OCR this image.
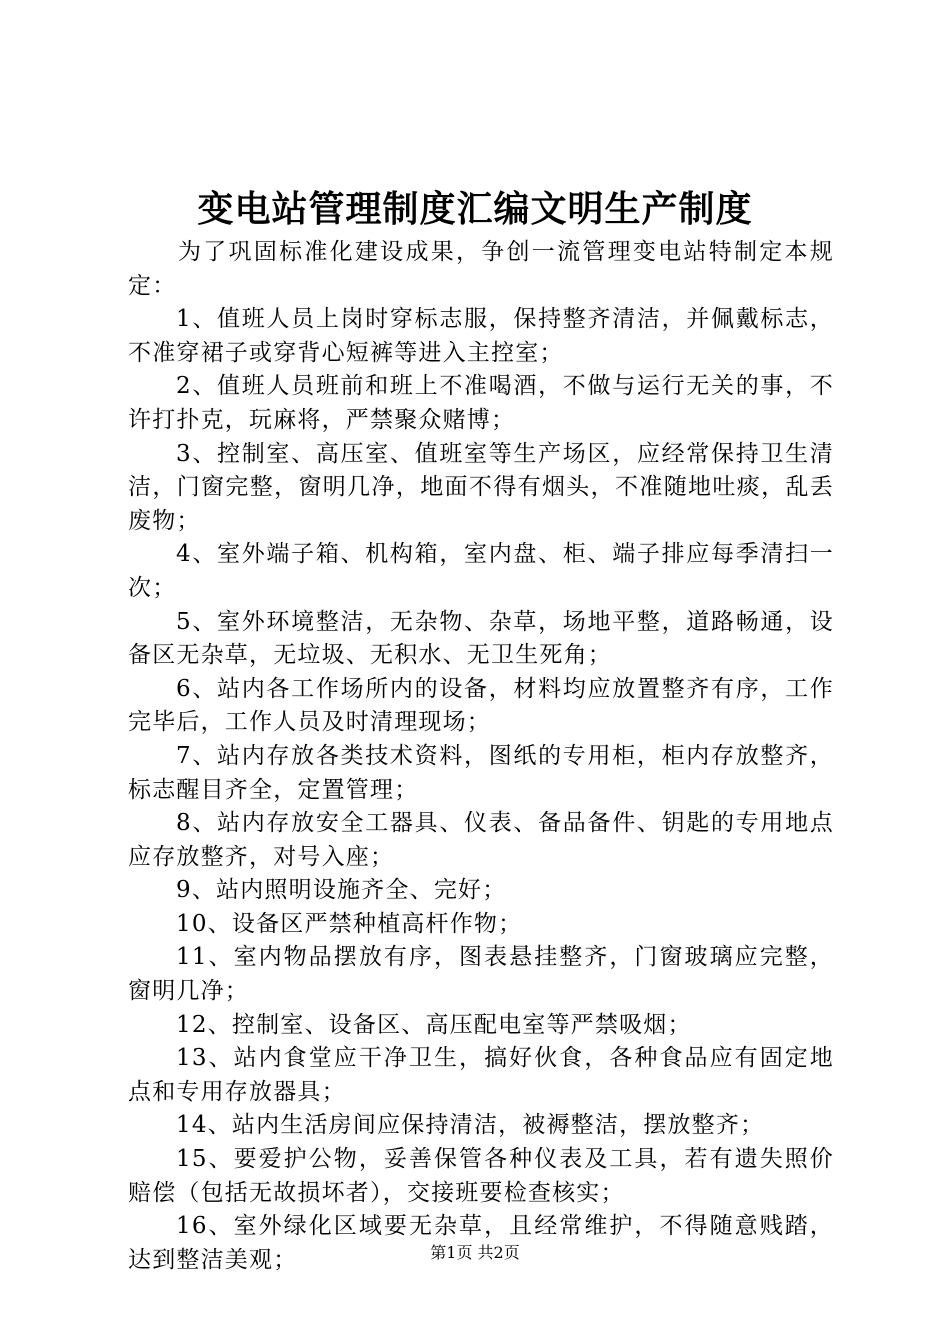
变电站管理制度汇编文明生产制度

为了巩固标准化建设成果，争创一流管理变电站特制定本规定：

1、值班人员上岗时穿标志服，保持整齐清洁，并佩戴标志，不准穿裙子或穿背心短裤等进入主控室；

2、值班人员班前和班上不准喝酒，不做与运行无关的事，不许打扑克，玩麻将，严禁聚众赌博；

3、控制室、高压室、值班室等生产场区，应经常保持卫生清洁，门窗完整，窗明几净，地面不得有烟头，不准随地吐痰，乱丢废物；

4、室外端子箱、机构箱，室内盘、柜、端子排应每季清扫一次；

5、室外环境整洁，无杂物、杂草，场地平整，道路畅通，设备区无杂草，无垃圾、无积水、无卫生死角；

6、站内各工作场所内的设备，材料均应放置整齐有序，工作完毕后，工作人员及时清理现场；

7、站内存放各类技术资料，图纸的专用柜，柜内存放整齐，标志醒目齐全，定置管理；

8、站内存放安全工器具、仪表、备品备件、钥匙的专用地点应存放整齐，对号入座；

9、站内照明设施齐全、完好；

10、设备区严禁种植高杆作物；

11、室内物品摆放有序，图表悬挂整齐，门窗玻璃应完整，窗明几净；

12、控制室、设备区、高压配电室等严禁吸烟；

13、站内食堂应干净卫生，搞好伙食，各种食品应有固定地点和专用存放器具；

14、站内生活房间应保持清洁，被褥整洁，摆放整齐；

15、要爱护公物，妥善保管各种仪表及工具，若有遗失照价赔偿（包括无故损坏者），交接班要检查核实；

16、室外绿化区域要无杂草，且经常维护，不得随意贱踏，达到整洁美观；	第1页 共2页
